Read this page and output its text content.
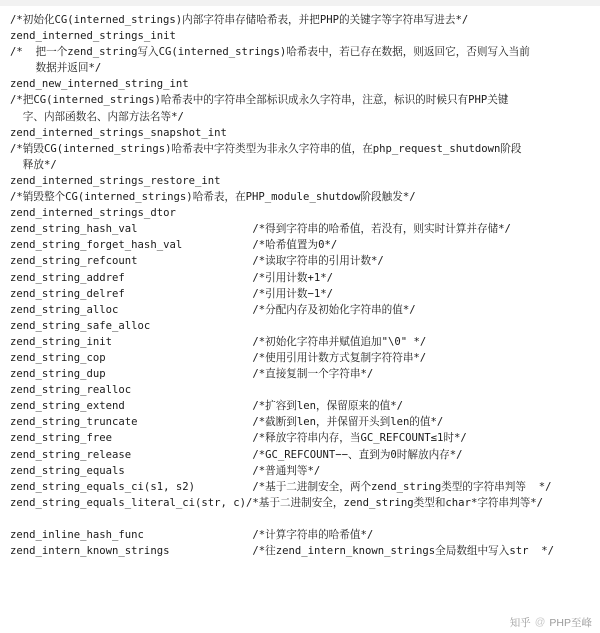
/*初始化CG(interned_strings)内部字符串存储哈希表，并把PHP的关键字等字符串写进去*/
zend_interned_strings_init
/*  把一个zend_string写入CG(interned_strings)哈希表中，若已存在数据，则返回它，否则写入当前
数据并返回*/
zend_new_interned_string_int
/*把CG(interned_strings)哈希表中的字符串全部标识成永久字符串，注意，标识的时候只有PHP关键
字、内部函数名、内部方法名等*/
zend_interned_strings_snapshot_int
/*销毁CG(interned_strings)哈希表中字符类型为非永久字符串的值，在php_request_shutdown阶段
释放*/
zend_interned_strings_restore_int
/*销毁整个CG(interned_strings)哈希表，在PHP_module_shutdow阶段触发*/
zend_interned_strings_dtor
zend_string_hash_val                  /*得到字符串的哈希值，若没有，则实时计算并存储*/
zend_string_forget_hash_val           /*哈希值置为0*/
zend_string_refcount                  /*读取字符串的引用计数*/
zend_string_addref                    /*引用计数+1*/
zend_string_delref                    /*引用计数−1*/
zend_string_alloc                     /*分配内存及初始化字符串的值*/
zend_string_safe_alloc
zend_string_init                      /*初始化字符串并赋值追加"\0" */
zend_string_cop                       /*使用引用计数方式复制字符符串*/
zend_string_dup                       /*直接复制一个字符串*/
zend_string_realloc
zend_string_extend                    /*扩容到len，保留原来的值*/
zend_string_truncate                  /*截断到len，并保留开头到len的值*/
zend_string_free                      /*释放字符串内存，当GC_REFCOUNT≤1时*/
zend_string_release                   /*GC_REFCOUNT−−、直到为0时解放内存*/
zend_string_equals                    /*普通判等*/
zend_string_equals_ci(s1, s2)         /*基于二进制安全，两个zend_string类型的字符串判等  */
zend_string_equals_literal_ci(str, c)/*基于二进制安全，zend_string类型和char*字符串判等*/
zend_inline_hash_func                 /*计算字符串的哈希值*/
zend_intern_known_strings             /*往zend_intern_known_strings全局数组中写入str  */
知乎 @ PHP至峰
